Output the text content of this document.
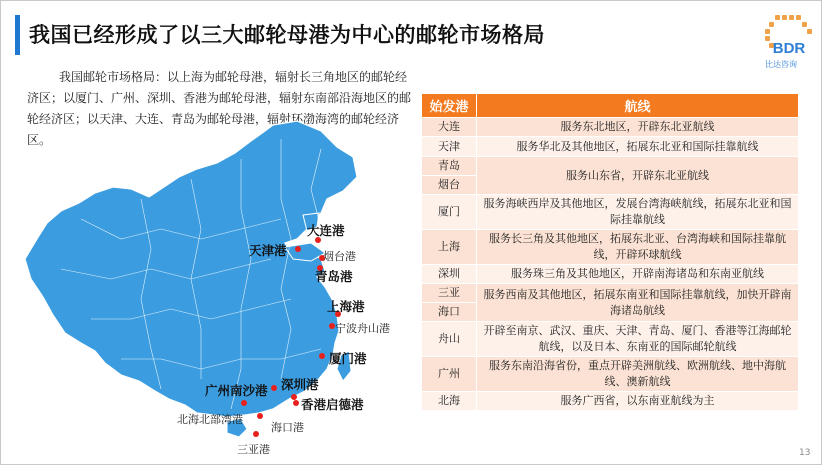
我国已经形成了以三大邮轮母港为中心的邮轮市场格局
BDR
比达咨询

我国邮轮市场格局：以上海为邮轮母港，辐射长三角地区的邮轮经济区；以厦门、广州、深圳、香港为邮轮母港，辐射东南部沿海地区的邮轮经济区；以天津、大连、青岛为邮轮母港，辐射环渤海湾的邮轮经济区。

大连港
天津港	烟台港
青岛港
上海港
宁波舟山港
厦门港
广州南沙港 深圳港
香港启德港
北海北部湾港
海口港
三亚港
始发港	航线
大连	服务东北地区，开辟东北亚航线
天津	服务华北及其他地区，拓展东北亚和国际挂靠航线
青岛	服务山东省，开辟东北亚航线
烟台	
厦门	服务海峡西岸及其他地区，发展台湾海峡航线，拓展东北亚和国际挂靠航线
上海	服务长三角及其他地区，拓展东北亚、台湾海峡和国际挂靠航线，开辟环球航线
深圳	服务珠三角及其他地区，开辟南海诸岛和东南亚航线
三亚	服务西南及其他地区，拓展东南亚和国际挂靠航线，加快开辟南海诸岛航线
海口	
舟山	开辟至南京、武汉、重庆、天津、青岛、厦门、香港等江海邮轮航线，以及日本、东南亚的国际邮轮航线
广州	服务东南沿海省份，重点开辟美洲航线、欧洲航线、地中海航线、澳新航线
北海	服务广西省，以东南亚航线为主
13
